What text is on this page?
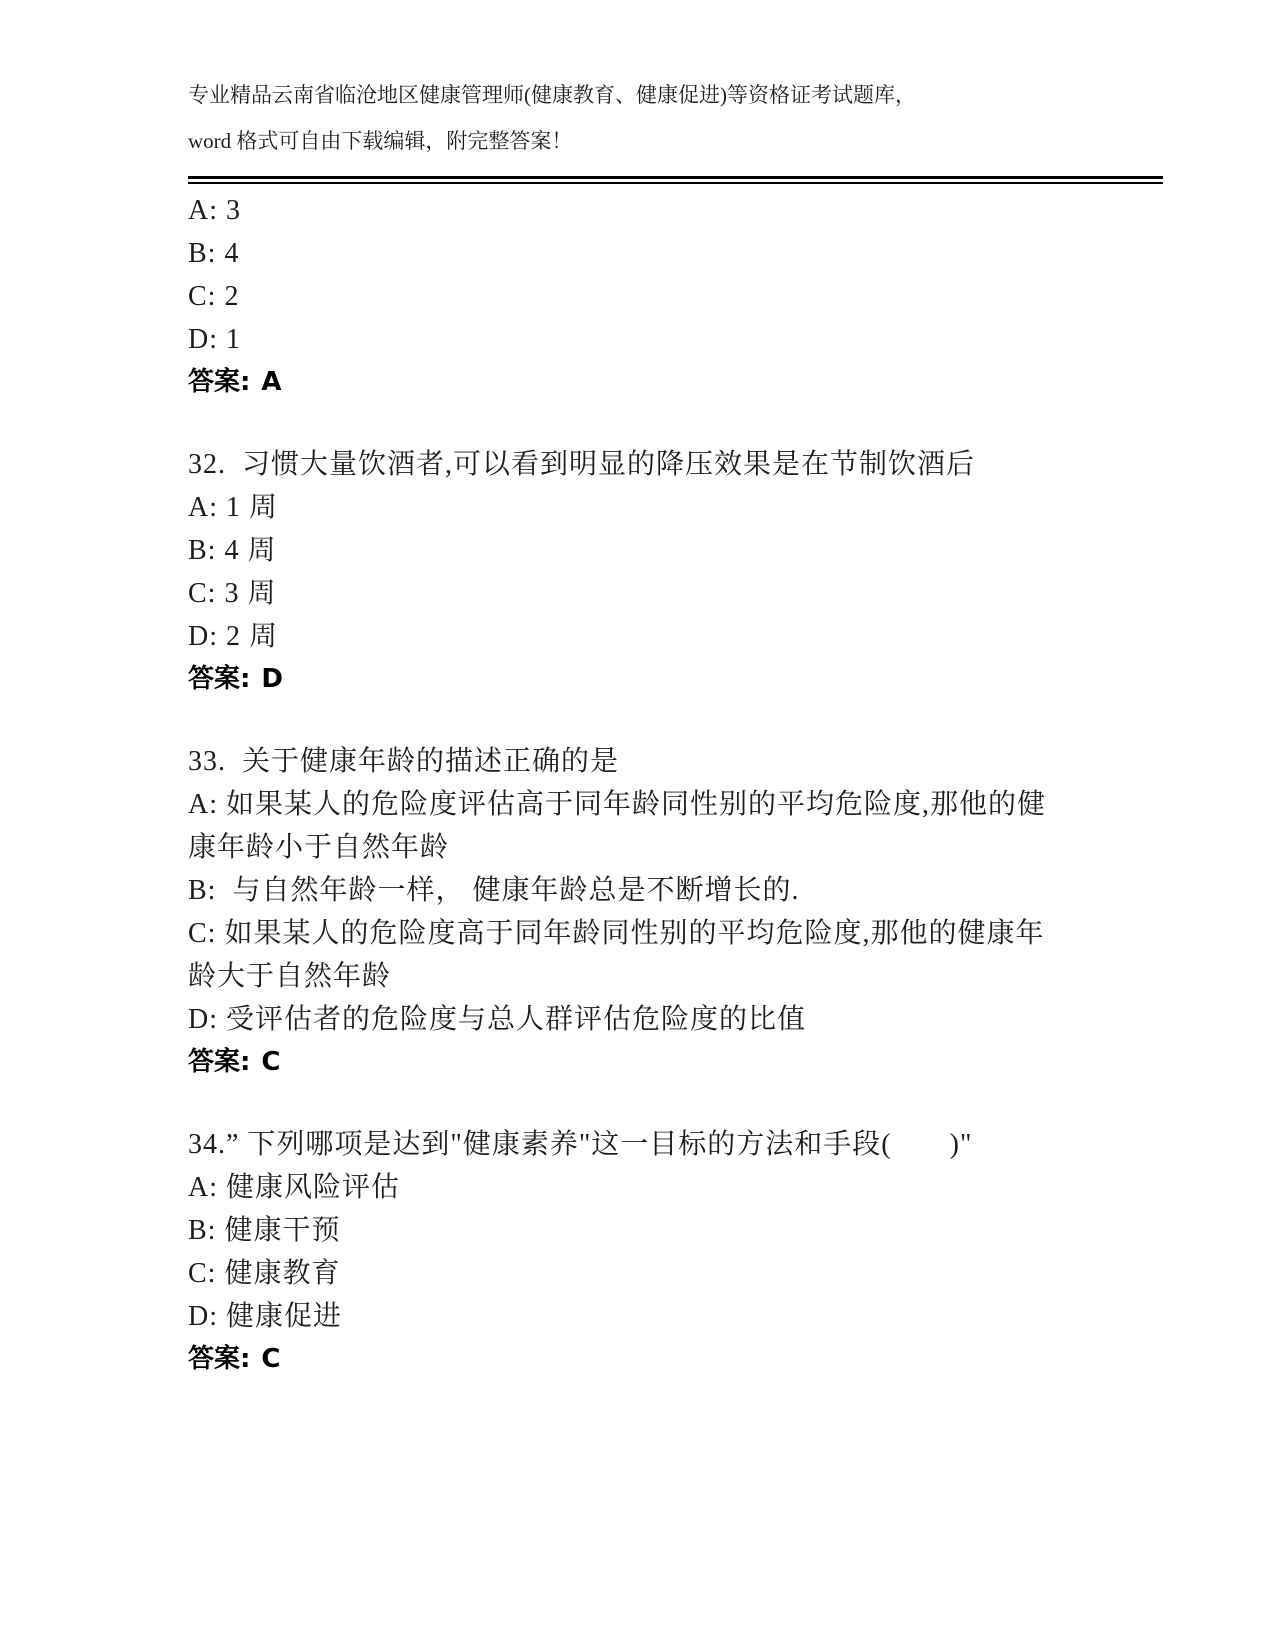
专业精品云南省临沧地区健康管理师(健康教育、健康促进)等资格证考试题库，

word 格式可自由下载编辑，附完整答案！

A: 3

B: 4

C: 2

D: 1

答案: A

32.  习惯大量饮酒者,可以看到明显的降压效果是在节制饮酒后

A: 1 周

B: 4 周

C: 3 周

D: 2 周

答案: D

33.  关于健康年龄的描述正确的是

A: 如果某人的危险度评估高于同年龄同性别的平均危险度,那他的健康年龄小于自然年龄

B:  与自然年龄一样， 健康年龄总是不断增长的.

C: 如果某人的危险度高于同年龄同性别的平均危险度,那他的健康年龄大于自然年龄

D: 受评估者的危险度与总人群评估危险度的比值

答案: C

34.” 下列哪项是达到"健康素养"这一目标的方法和手段(　　)"

A: 健康风险评估

B: 健康干预

C: 健康教育

D: 健康促进

答案: C
